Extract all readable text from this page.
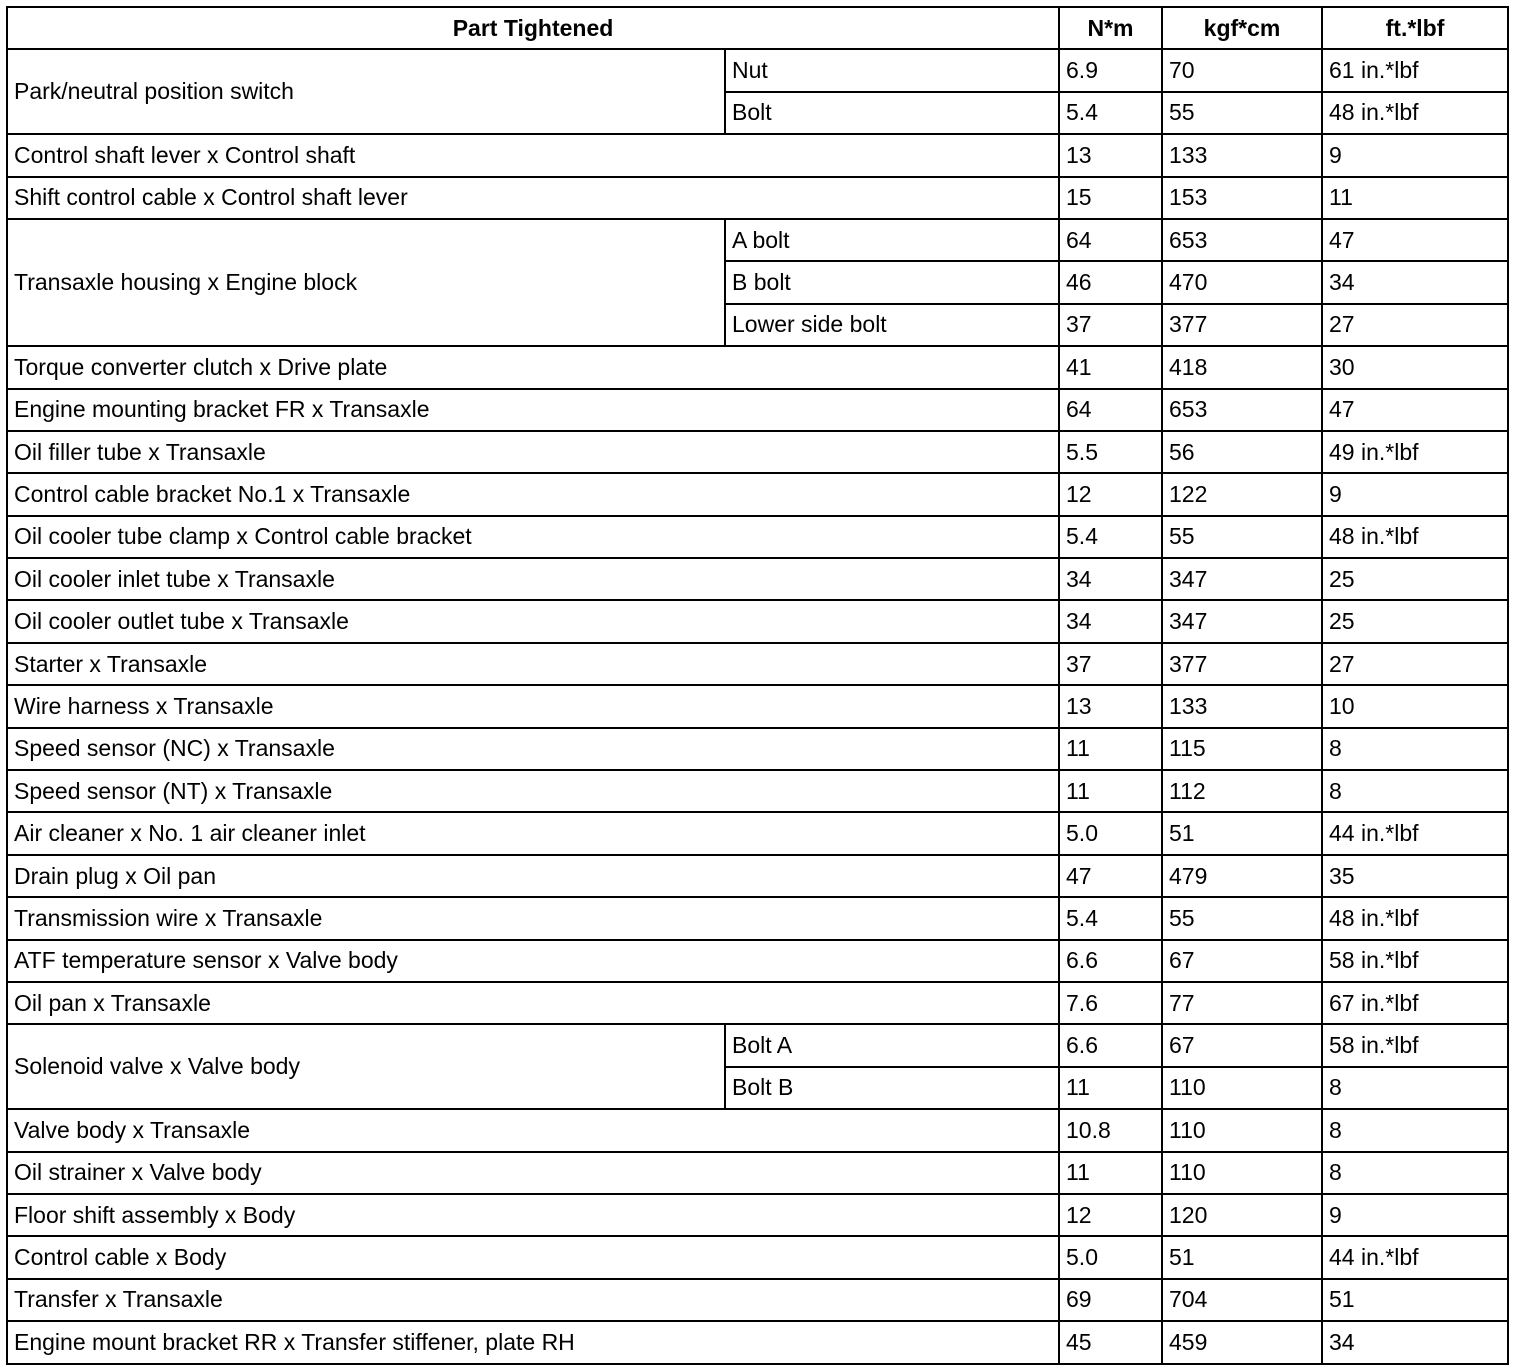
Part Tightened		N*m	kgf*cm	ft.*lbf
Park/neutral position switch	Nut	6.9	70	61 in.*lbf
	Bolt	5.4	55	48 in.*lbf
Control shaft lever x Control shaft		13	133	9
Shift control cable x Control shaft lever		15	153	11
Transaxle housing x Engine block	A bolt	64	653	47
	B bolt	46	470	34
	Lower side bolt	37	377	27
Torque converter clutch x Drive plate		41	418	30
Engine mounting bracket FR x Transaxle		64	653	47
Oil filler tube x Transaxle		5.5	56	49 in.*lbf
Control cable bracket No.1 x Transaxle		12	122	9
Oil cooler tube clamp x Control cable bracket		5.4	55	48 in.*lbf
Oil cooler inlet tube x Transaxle		34	347	25
Oil cooler outlet tube x Transaxle		34	347	25
Starter x Transaxle		37	377	27
Wire harness x Transaxle		13	133	10
Speed sensor (NC) x Transaxle		11	115	8
Speed sensor (NT) x Transaxle		11	112	8
Air cleaner x No. 1 air cleaner inlet		5.0	51	44 in.*lbf
Drain plug x Oil pan		47	479	35
Transmission wire x Transaxle		5.4	55	48 in.*lbf
ATF temperature sensor x Valve body		6.6	67	58 in.*lbf
Oil pan x Transaxle		7.6	77	67 in.*lbf
Solenoid valve x Valve body	Bolt A	6.6	67	58 in.*lbf
	Bolt B	11	110	8
Valve body x Transaxle		10.8	110	8
Oil strainer x Valve body		11	110	8
Floor shift assembly x Body		12	120	9
Control cable x Body		5.0	51	44 in.*lbf
Transfer x Transaxle		69	704	51
Engine mount bracket RR x Transfer stiffener, plate RH		45	459	34
